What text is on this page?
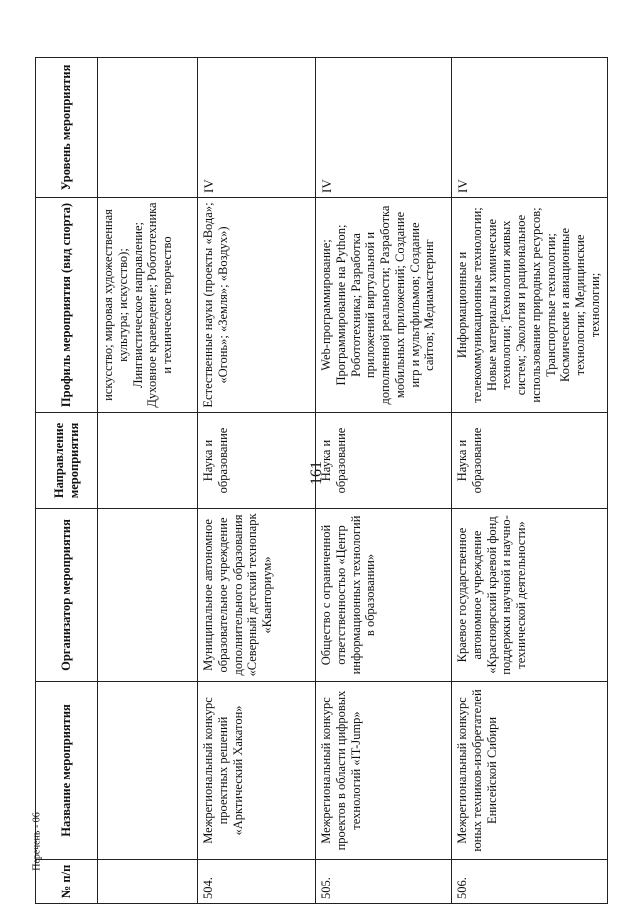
161
№ п/п	Название мероприятия	Организатор мероприятия	Направление мероприятия	Профиль мероприятия (вид спорта)	Уровень мероприятия
				искусство; мировая художественная культура; искусство); Лингвистическое направление; Духовное краеведение; Робототехника и техническое творчество	
504.	Межрегиональный конкурс проектных решений «Арктический Хакатон»	Муниципальное автономное образовательное учреждение дополнительного образования «Северный детский технопарк «Кванториум»	Наука и образование	Естественные науки (проекты «Вода»; «Огонь»; «Земля»; «Воздух»)	IV
505.	Межрегиональный конкурс проектов в области цифровых технологий «IT-Jump»	Общество с ограниченной ответственностью «Центр информационных технологий в образовании»	Наука и образование	Web-программирование; Программирование на Python; Робототехника; Разработка приложений виртуальной и дополненной реальности; Разработка мобильных приложений; Создание игр и мультфильмов; Создание сайтов; Медиамастеринг	IV
506.	Межрегиональный конкурс юных техников-изобретателей Енисейской Сибири	Краевое государственное автономное учреждение «Красноярский краевой фонд поддержки научной и научно-технической деятельности»	Наука и образование	Информационные и телекоммуникационные технологии; Новые материалы и химические технологии; Технологии живых систем; Экология и рациональное использование природных ресурсов; Транспортные технологии; Космические и авиационные технологии; Медицинские технологии;	IV
Перечень - 06
